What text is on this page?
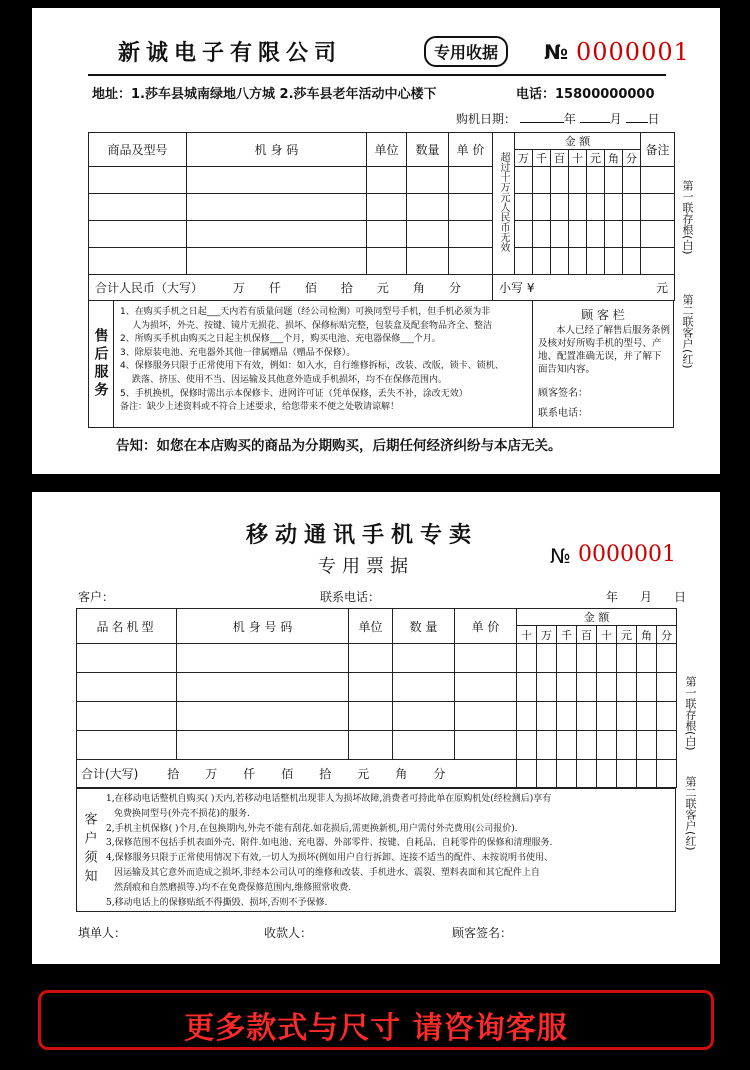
新诚电子有限公司	专用收据	№ 0000001
地址：1.莎车县城南绿地八方城 2.莎车县老年活动中心楼下	电话：15800000000
购机日期：	年	月 日
商品及型号	机 身 码	单位	数量	单 价	超过十万元人民币无效	金 额							备注
						万	千	百	十	元	角	分	

合计人民币（大写） 万 仟 佰 拾 元 角 分					小写 ¥ 元								
售后服务
1、在购买手机之日起___天内若有质量问题（经公司检测）可换同型号手机，但手机必须为非
人为损坏，外壳、按键、镜片无损花、损坏、保修标贴完整，包装盒及配套物品齐全、整洁
2、所购买手机由购买之日起主机保修___个月，购买电池、充电器保修___个月。
3、除原装电池、充电器外其他一律属赠品（赠品不保修）。
4、保修服务只限于正常使用下有效，例如：如入水，自行维修拆标，改装、改版，锁卡、锁机、
跌落、挤压、使用不当、因运输及其他意外造成手机损坏，均不在保修范围内。
5、手机换机，保修时需出示本保修卡、进网许可证（凭单保修，丢失不补，涂改无效）
备注：缺少上述资料或不符合上述要求，给您带来不便之处敬请谅解！
顾 客 栏
本人已经了解售后服务条例及核对好所购手机的型号、产地、配置准确无误，并了解下面告知内容。
顾客签名：
联系电话：
告知：如您在本店购买的商品为分期购买，后期任何经济纠纷与本店无关。
第一联存根(白)
第二联客户(红)
移动通讯手机专卖
专用票据	№ 0000001
客户：	联系电话：	年 月 日
品名机型	机 身 号 码	单位	数 量	单 价	金 额							
					十	万	千	百	十	元	角	分

合计(大写) 拾 万 仟 佰 拾 元 角 分												
客户须知
1,在移动电话整机自购买( )天内,若移动电话整机出现非人为损坏故障,消费者可持此单在原购机处(经检测后)享有
免费换同型号(外壳不损花)的服务.
2,手机主机保修( )个月,在包换期内,外壳不能有刮花.如花损后,需更换新机,用户需付外壳费用(公司报价).
3,保修范围不包括手机表面外壳、附件.如电池、充电器、外部零件、按键、自耗品、自耗零件的保修和清理服务.
4,保修服务只限于正常使用情况下有效,一切人为损坏(例如用户自行拆卸、连接不适当的配件、未按说明书使用、
因运输及其它意外而造成之损坏,非经本公司认可的维修和改装、手机进水、震裂、塑料表面和其它配件上自
然刮痕和自然磨损等.)均不在免费保修范围内,维修照常收费.
5,移动电话上的保修贴纸不得撕毁、损坏,否则不予保修.
填单人：	收款人：	顾客签名：
第一联存根(白)
第二联客户(红)
更多款式与尺寸 请咨询客服
